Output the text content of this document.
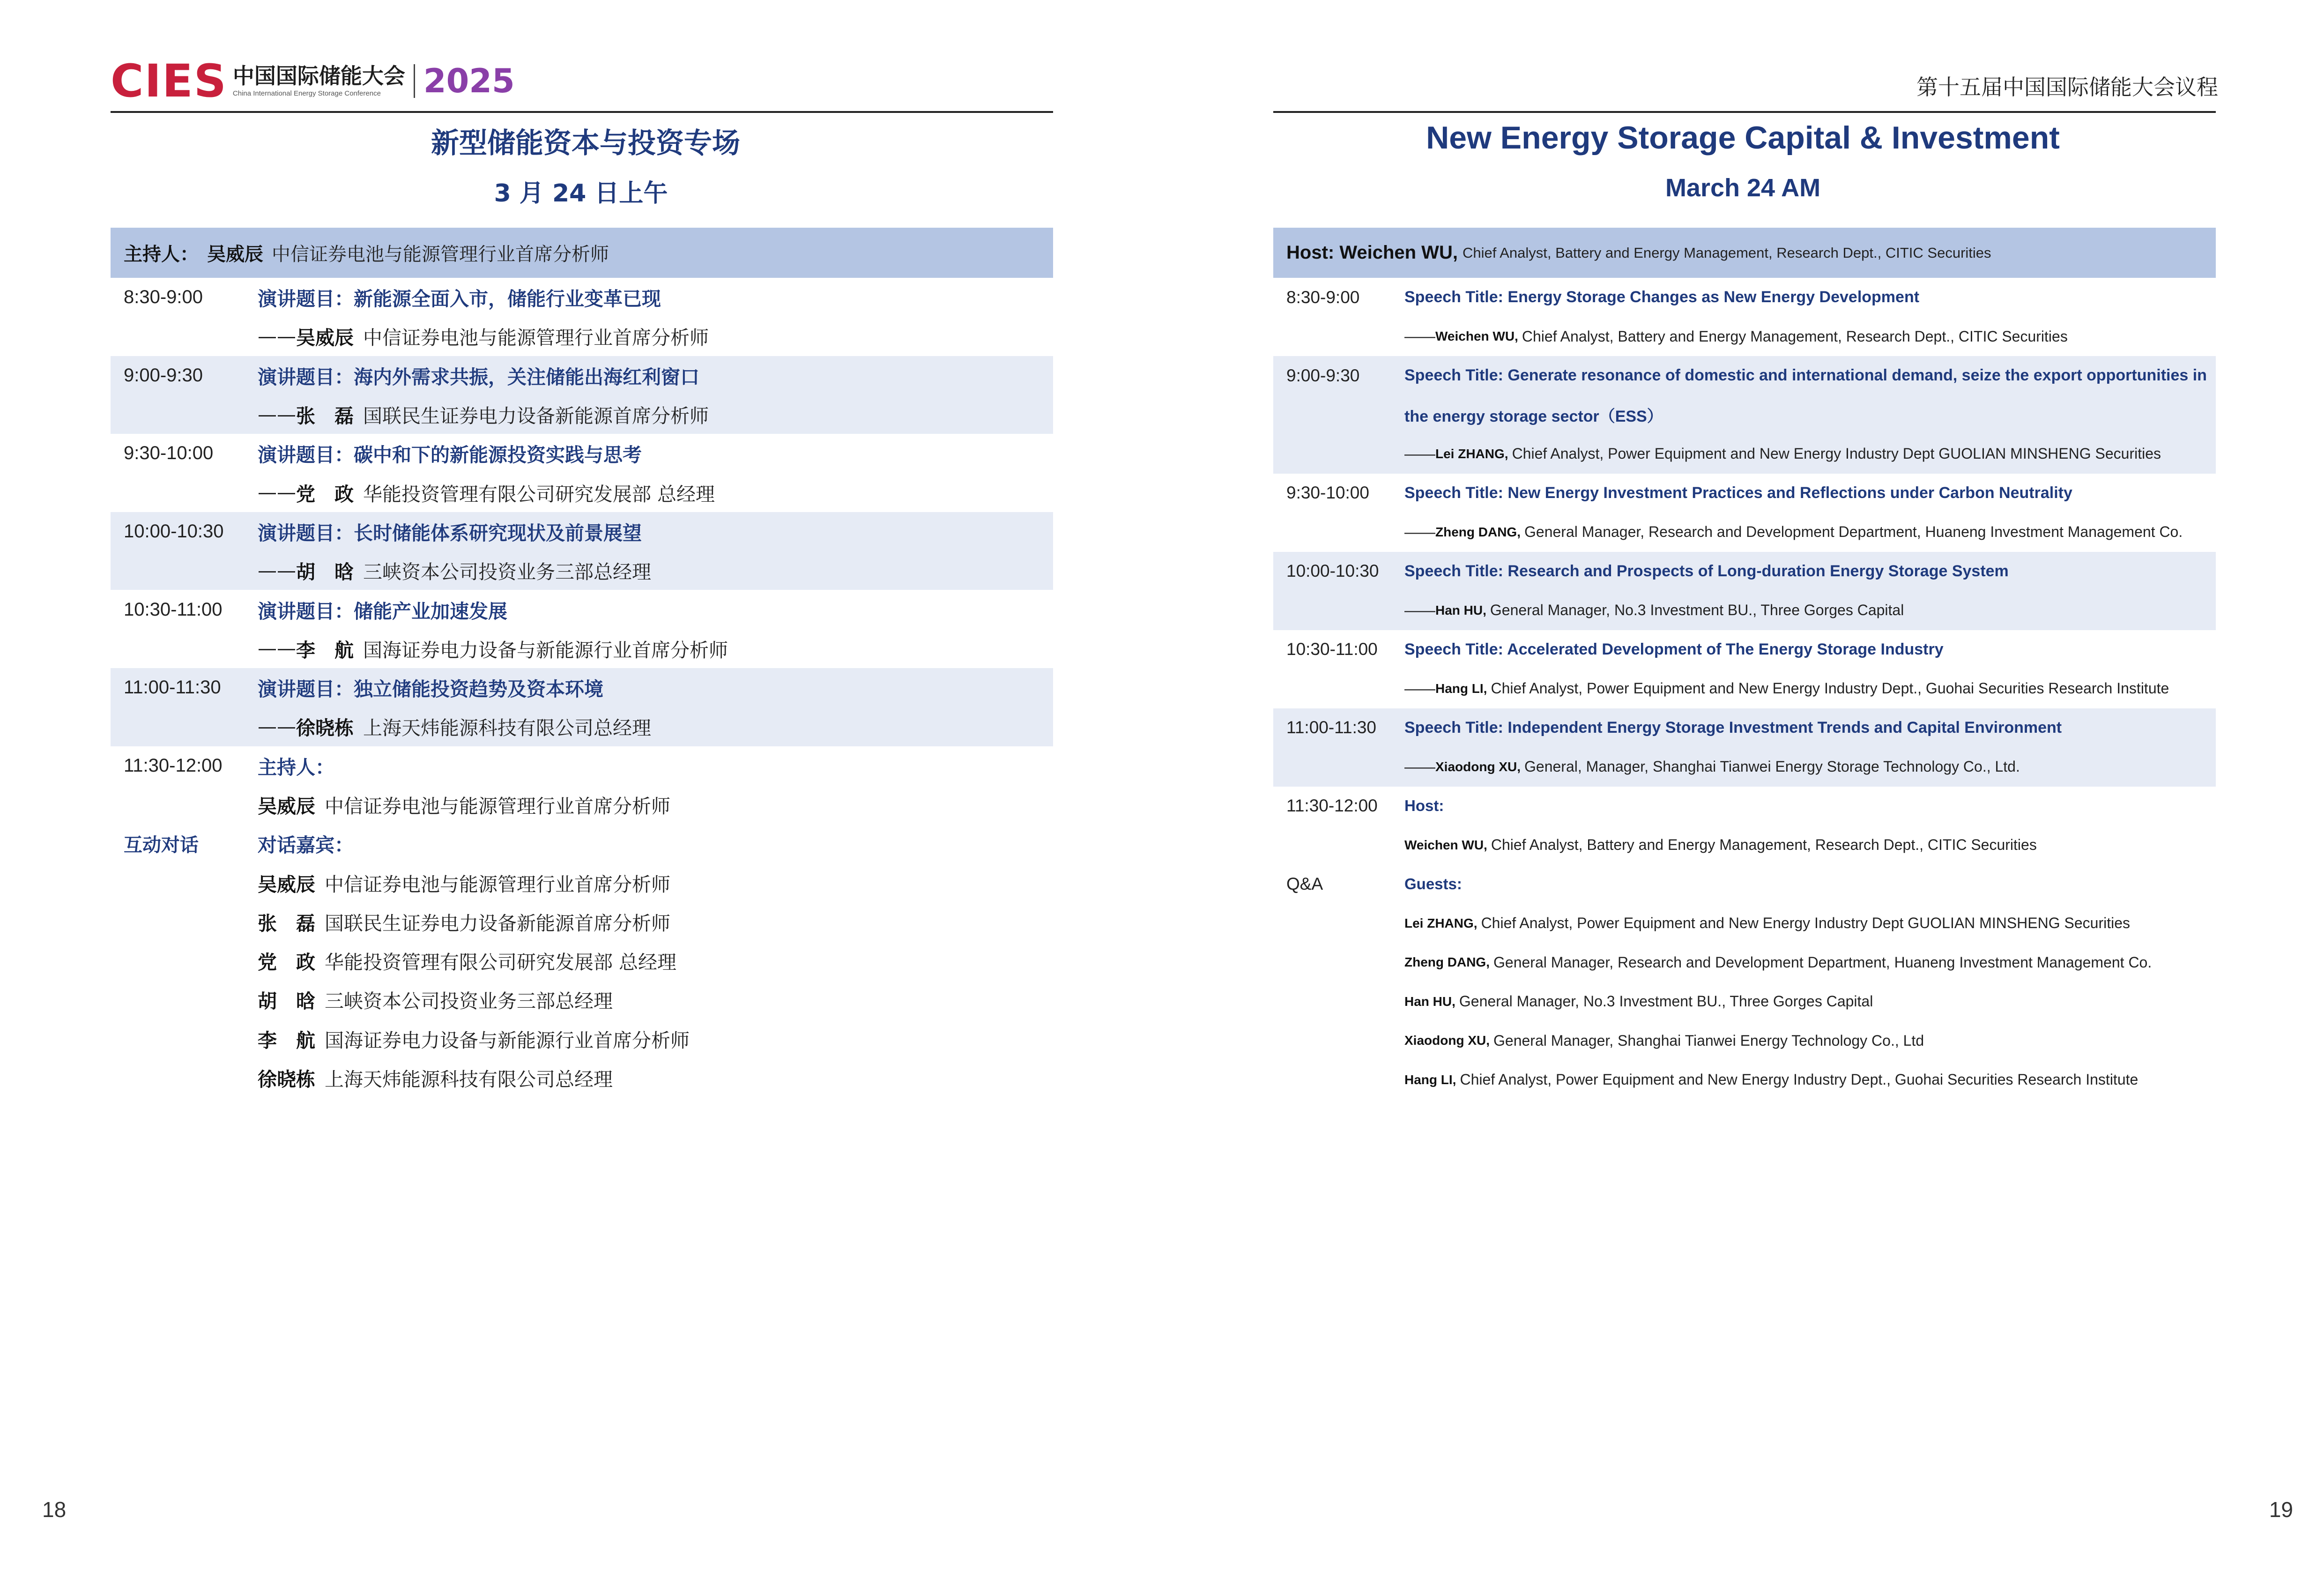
CIES 中国国际储能大会
China International Energy Storage Conference	2025
新型储能资本与投资专场
3 月 24 日上午
主持人： 吴威辰 中信证券电池与能源管理行业首席分析师
8:30-9:00	演讲题目：新能源全面入市，储能行业变革已现
—— 吴威辰 中信证券电池与能源管理行业首席分析师
9:00-9:30	演讲题目：海内外需求共振，关注储能出海红利窗口
—— 张　磊 国联民生证券电力设备新能源首席分析师
9:30-10:00 演讲题目：碳中和下的新能源投资实践与思考
—— 党　政 华能投资管理有限公司研究发展部 总经理
10:00-10:30 演讲题目：长时储能体系研究现状及前景展望
—— 胡　晗 三峡资本公司投资业务三部总经理
10:30-11:00 演讲题目：储能产业加速发展
—— 李　航 国海证券电力设备与新能源行业首席分析师
11:00-11:30 演讲题目：独立储能投资趋势及资本环境
—— 徐晓栋 上海天炜能源科技有限公司总经理
11:30-12:00 主持人：
吴威辰 中信证券电池与能源管理行业首席分析师
互动对话	对话嘉宾：
吴威辰 中信证券电池与能源管理行业首席分析师
张　磊 国联民生证券电力设备新能源首席分析师
党　政 华能投资管理有限公司研究发展部 总经理
胡　晗 三峡资本公司投资业务三部总经理
李　航 国海证券电力设备与新能源行业首席分析师
徐晓栋 上海天炜能源科技有限公司总经理
18
第十五届中国国际储能大会议程
New Energy Storage Capital & Investment
March 24 AM
Host: Weichen WU, Chief Analyst, Battery and Energy Management, Research Dept., CITIC Securities
8:30-9:00	Speech Title: Energy Storage Changes as New Energy Development
—— Weichen WU, Chief Analyst, Battery and Energy Management, Research Dept., CITIC Securities
9:00-9:30	Speech Title: Generate resonance of domestic and international demand, seize the export opportunities in
the energy storage sector（ESS）
—— Lei ZHANG, Chief Analyst, Power Equipment and New Energy Industry Dept GUOLIAN MINSHENG Securities
9:30-10:00 Speech Title: New Energy Investment Practices and Reflections under Carbon Neutrality
—— Zheng DANG, General Manager, Research and Development Department, Huaneng Investment Management Co.
10:00-10:30 Speech Title: Research and Prospects of Long-duration Energy Storage System
—— Han HU, General Manager, No.3 Investment BU., Three Gorges Capital
10:30-11:00 Speech Title: Accelerated Development of The Energy Storage Industry
—— Hang LI, Chief Analyst, Power Equipment and New Energy Industry Dept., Guohai Securities Research Institute
11:00-11:30 Speech Title: Independent Energy Storage Investment Trends and Capital Environment
—— Xiaodong XU, General, Manager, Shanghai Tianwei Energy Storage Technology Co., Ltd.
11:30-12:00 Host:
Weichen WU, Chief Analyst, Battery and Energy Management, Research Dept., CITIC Securities
Q&A	Guests:
Lei ZHANG, Chief Analyst, Power Equipment and New Energy Industry Dept GUOLIAN MINSHENG Securities
Zheng DANG, General Manager, Research and Development Department, Huaneng Investment Management Co.
Han HU, General Manager, No.3 Investment BU., Three Gorges Capital
Xiaodong XU, General Manager, Shanghai Tianwei Energy Technology Co., Ltd
Hang LI, Chief Analyst, Power Equipment and New Energy Industry Dept., Guohai Securities Research Institute
19
